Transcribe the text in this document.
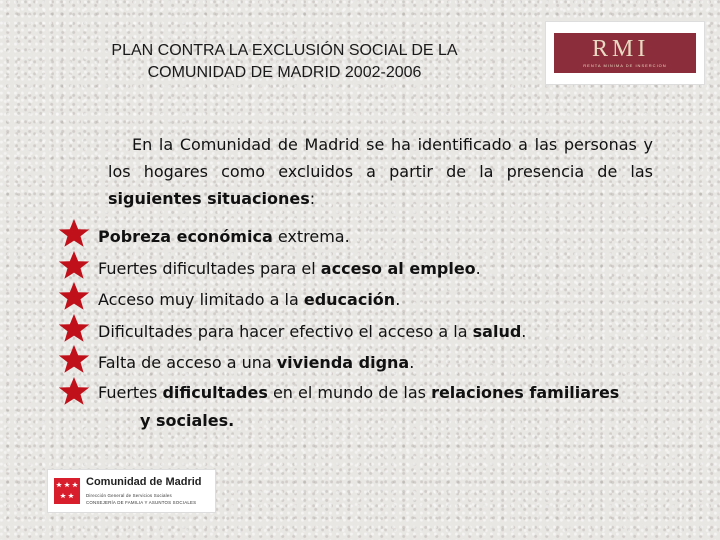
PLAN CONTRA LA EXCLUSIÓN SOCIAL DE LA
COMUNIDAD DE MADRID 2002-2006
RMI
RENTA MINIMA DE INSERCION

En la Comunidad de Madrid se ha identificado a las personas y los hogares como excluidos a partir de la presencia de las siguientes situaciones:

Pobreza económica extrema.
Fuertes dificultades para el acceso al empleo.
Acceso muy limitado a la educación.
Dificultades para hacer efectivo el acceso a la salud.
Falta de acceso a una vivienda digna.
Fuertes dificultades en el mundo de las relaciones familiares
y sociales.
Comunidad de Madrid
Dirección General de Servicios Sociales
CONSEJERÍA DE FAMILIA Y ASUNTOS SOCIALES
